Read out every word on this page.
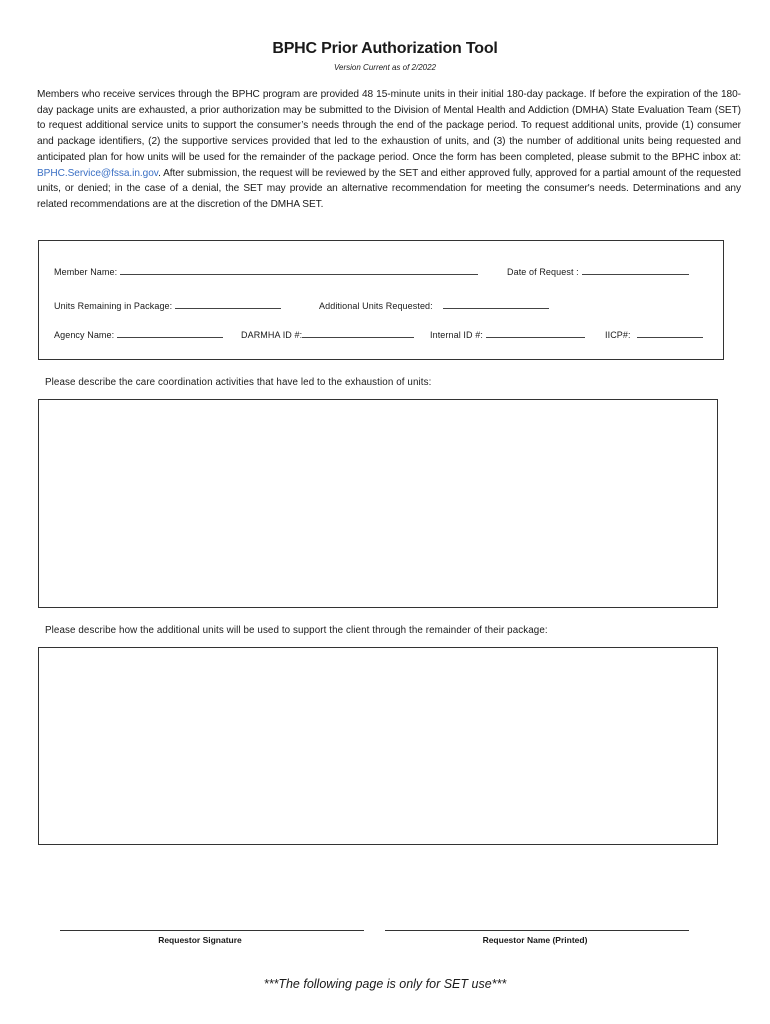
BPHC Prior Authorization Tool
Version Current as of 2/2022
Members who receive services through the BPHC program are provided 48 15-minute units in their initial 180-day package. If before the expiration of the 180-day package units are exhausted, a prior authorization may be submitted to the Division of Mental Health and Addiction (DMHA) State Evaluation Team (SET) to request additional service units to support the consumer’s needs through the end of the package period. To request additional units, provide (1) consumer and package identifiers, (2) the supportive services provided that led to the exhaustion of units, and (3) the number of additional units being requested and anticipated plan for how units will be used for the remainder of the package period. Once the form has been completed, please submit to the BPHC inbox at: BPHC.Service@fssa.in.gov. After submission, the request will be reviewed by the SET and either approved fully, approved for a partial amount of the requested units, or denied; in the case of a denial, the SET may provide an alternative recommendation for meeting the consumer's needs. Determinations and any related recommendations are at the discretion of the DMHA SET.
Member Name:	Date of Request :
Units Remaining in Package:	Additional Units Requested:
Agency Name:	DARMHA ID #:	Internal ID #:	IICP#:
Please describe the care coordination activities that have led to the exhaustion of units:
Please describe how the additional units will be used to support the client through the remainder of their package:
Requestor Signature	Requestor Name (Printed)
***The following page is only for SET use***
